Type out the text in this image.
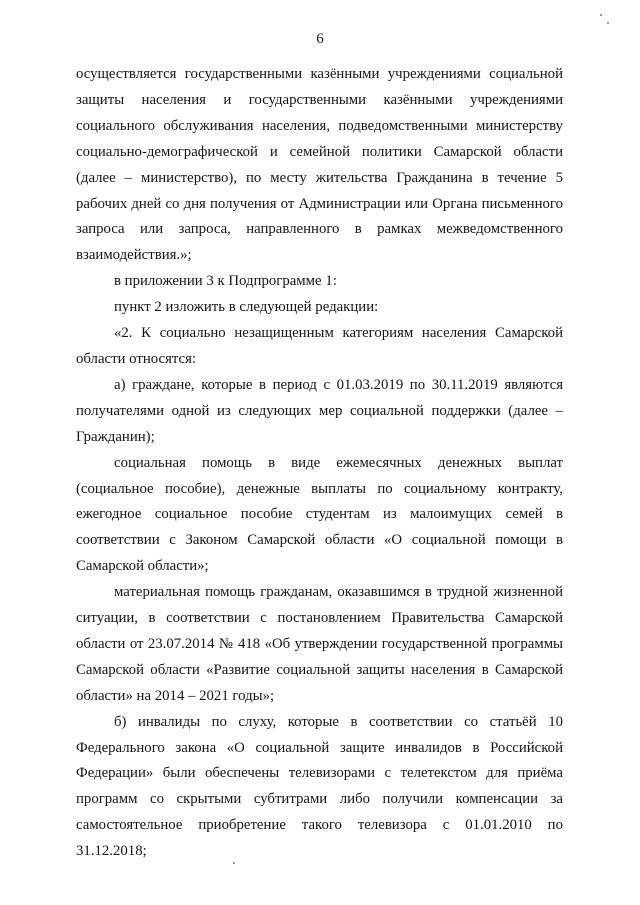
6

осуществляется государственными казёнными учреждениями социальной защиты населения и государственными казёнными учреждениями социального обслуживания населения, подведомственными министерству социально-демографической и семейной политики Самарской области (далее – министерство), по месту жительства Гражданина в течение 5 рабочих дней со дня получения от Администрации или Органа письменного запроса или запроса, направленного в рамках межведомственного взаимодействия.»;

в приложении 3 к Подпрограмме 1:

пункт 2 изложить в следующей редакции:

«2. К социально незащищенным категориям населения Самарской области относятся:

а) граждане, которые в период с 01.03.2019 по 30.11.2019 являются получателями одной из следующих мер социальной поддержки (далее – Гражданин);

социальная помощь в виде ежемесячных денежных выплат (социальное пособие), денежные выплаты по социальному контракту, ежегодное социальное пособие студентам из малоимущих семей в соответствии с Законом Самарской области «О социальной помощи в Самарской области»;

материальная помощь гражданам, оказавшимся в трудной жизненной ситуации, в соответствии с постановлением Правительства Самарской области от 23.07.2014 № 418 «Об утверждении государственной программы Самарской области «Развитие социальной защиты населения в Самарской области» на 2014 – 2021 годы»;

б) инвалиды по слуху, которые в соответствии со статьёй 10 Федерального закона «О социальной защите инвалидов в Российской Федерации» были обеспечены телевизорами с телетекстом для приёма программ со скрытыми субтитрами либо получили компенсации за самостоятельное приобретение такого телевизора с 01.01.2010 по 31.12.2018;
